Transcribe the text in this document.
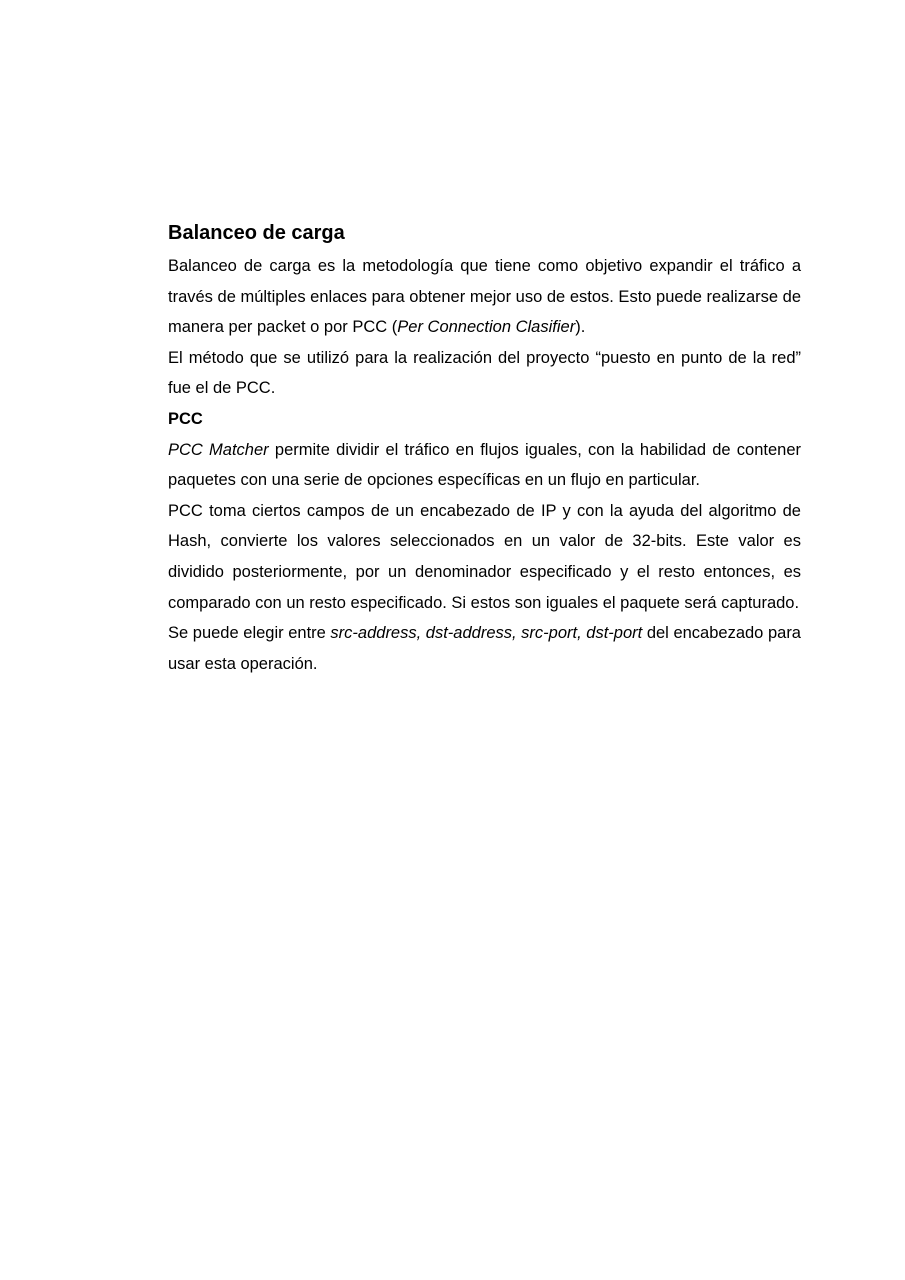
Balanceo de carga

Balanceo de carga es la metodología que tiene como objetivo expandir el tráfico a través de múltiples enlaces para obtener mejor uso de estos. Esto puede realizarse de manera per packet o por PCC (Per Connection Clasifier).

El método que se utilizó para la realización del proyecto “puesto en punto de la red” fue el de PCC.

PCC

PCC Matcher permite dividir el tráfico en flujos iguales, con la habilidad de contener paquetes con una serie de opciones específicas en un flujo en particular.

PCC toma ciertos campos de un encabezado de IP y con la ayuda del algoritmo de Hash, convierte los valores seleccionados en un valor de 32-bits. Este valor es dividido posteriormente, por un denominador especificado y el resto entonces, es comparado con un resto especificado. Si estos son iguales el paquete será capturado.

Se puede elegir entre src-address, dst-address, src-port, dst-port del encabezado para usar esta operación.
